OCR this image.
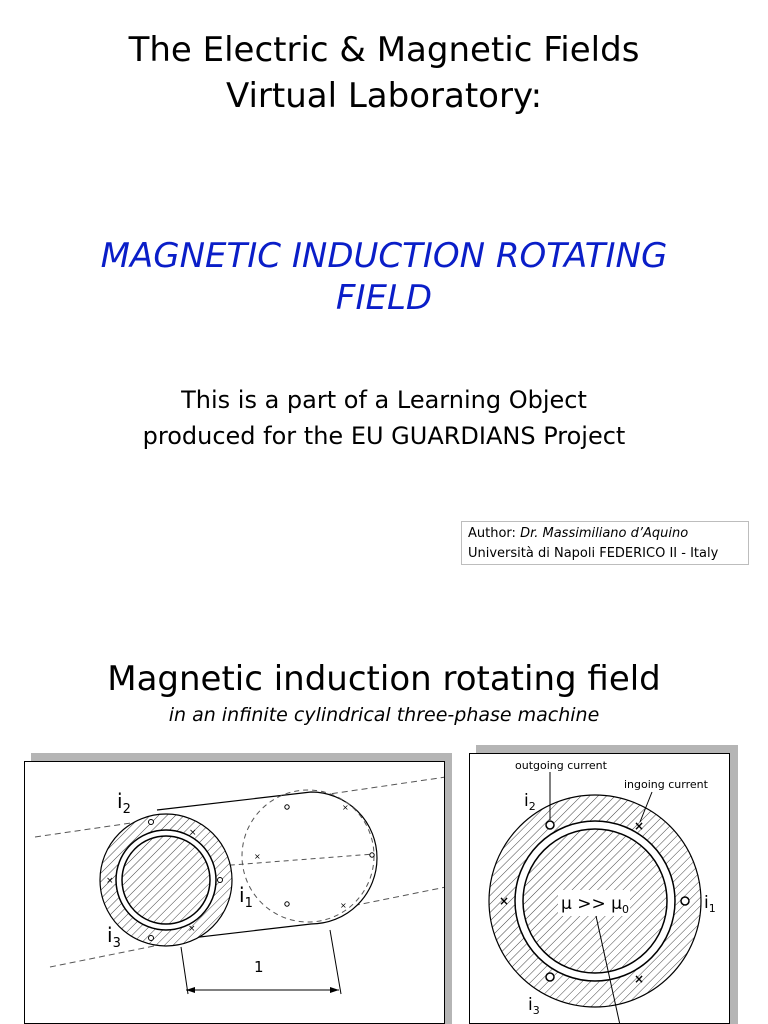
The Electric & Magnetic Fields
Virtual Laboratory:
MAGNETIC INDUCTION ROTATING
FIELD
This is a part of a Learning Object
produced for the EU GUARDIANS Project
Author: Dr. Massimiliano d’Aquino
Università di Napoli FEDERICO II - Italy
Magnetic induction rotating field
in an infinite cylindrical three-phase machine
×
×
×
×
×
×
$i_2$
$i_1$
$i_3$
1
outgoing current
ingoing current
×
×
×
$\mu >> \mu_0$
$i_2$
$i_1$
$i_3$
